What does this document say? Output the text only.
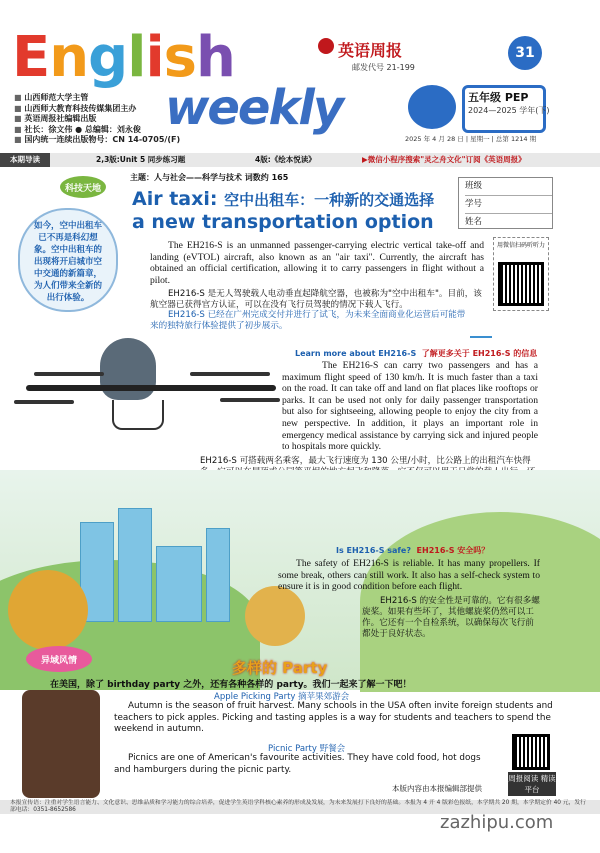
English
weekly
英语周报
邮发代号 21-199
31
■ 山西师范大学主管
■ 山西师大教育科技传媒集团主办
■ 英语周报社编辑出版
■ 社长：徐文伟 ● 总编辑：刘永俊
■ 国内统一连续出版物号：CN 14-0705/(F)
五年级 PEP
2024—2025 学年(下)
2025 年 4 月 28 日 | 星期一 | 总第 1214 期
本期导读	2,3版:Unit 5 同步练习题	4版:《绘本悦读》	▶微信小程序搜索"灵之舟文化"订阅《英语周报》
科技天地
主题：人与社会——科学与技术 词数约 165
Air taxi: 空中出租车：一种新的交通选择
a new transportation option
如今，空中出租车已不再是科幻想象。空中出租车的出现将开启城市空中交通的新篇章，为人们带来全新的出行体验。
班级
学号
姓名
用微信扫码听听力
The EH216-S is an unmanned passenger-carrying electric vertical take-off and landing (eVTOL) aircraft, also known as an "air taxi". Currently, the aircraft has obtained an official certification, allowing it to carry passengers in flight without a pilot.
EH216-S 是无人驾驶载人电动垂直起降航空器，也被称为"空中出租车"。目前，该航空器已获得官方认证，可以在没有飞行员驾驶的情况下载人飞行。
EH216-S 已经在广州完成交付并进行了试飞，为未来全面商业化运营后可能带来的独特旅行体验提供了初步展示。
Learn more about EH216-S 了解更多关于 EH216-S 的信息
The EH216-S can carry two passengers and has a maximum flight speed of 130 km/h. It is much faster than a taxi on the road. It can take off and land on flat places like rooftops or parks. It can be used not only for daily passenger transportation but also for sightseeing, allowing people to enjoy the city from a new perspective. In addition, it plays an important role in emergency medical assistance by carrying sick and injured people to hospitals more quickly.
EH216-S 可搭载两名乘客，最大飞行速度为 130 公里/小时，比公路上的出租汽车快得
Is EH216-S safe? EH216-S 安全吗？
The safety of EH216-S is reliable. It has many propellers. If some break, others can still work. It also has a self-check system to ensure it is in good condition before each flight.
EH216-S 的安全性是可靠的。它有很多螺旋桨。如果有些坏了，其他螺旋桨仍然可以工作。它还有一个自检系统，以确保每次飞行前都处于良好状态。
异域风情	多样的 Party
在美国，除了 birthday party 之外，还有各种各样的 party。我们一起来了解一下吧！
Apple Picking Party 摘苹果郊游会
Autumn is the season of fruit harvest. Many schools in the USA often invite foreign students and teachers to pick apples. Picking and tasting apples is a way for students and teachers to spend the weekend in autumn.
Picnic Party 野餐会
Picnics are one of American's favourite activities. They have cold food, hot dogs and hamburgers during the picnic party.
周报阅读 精读平台
本版内容由本报编辑部提供
本报宣传语：注重对学生语言能力、文化意识、思维品质和学习能力的综合培养，促进学生英语学科核心素养的形成及发展，为未来发展打下良好的基础。本报为 4 开 4 版彩色报纸，本学期共 20 期，本学期定价 40 元，发行部电话：0351-8652586
zazhipu.com
